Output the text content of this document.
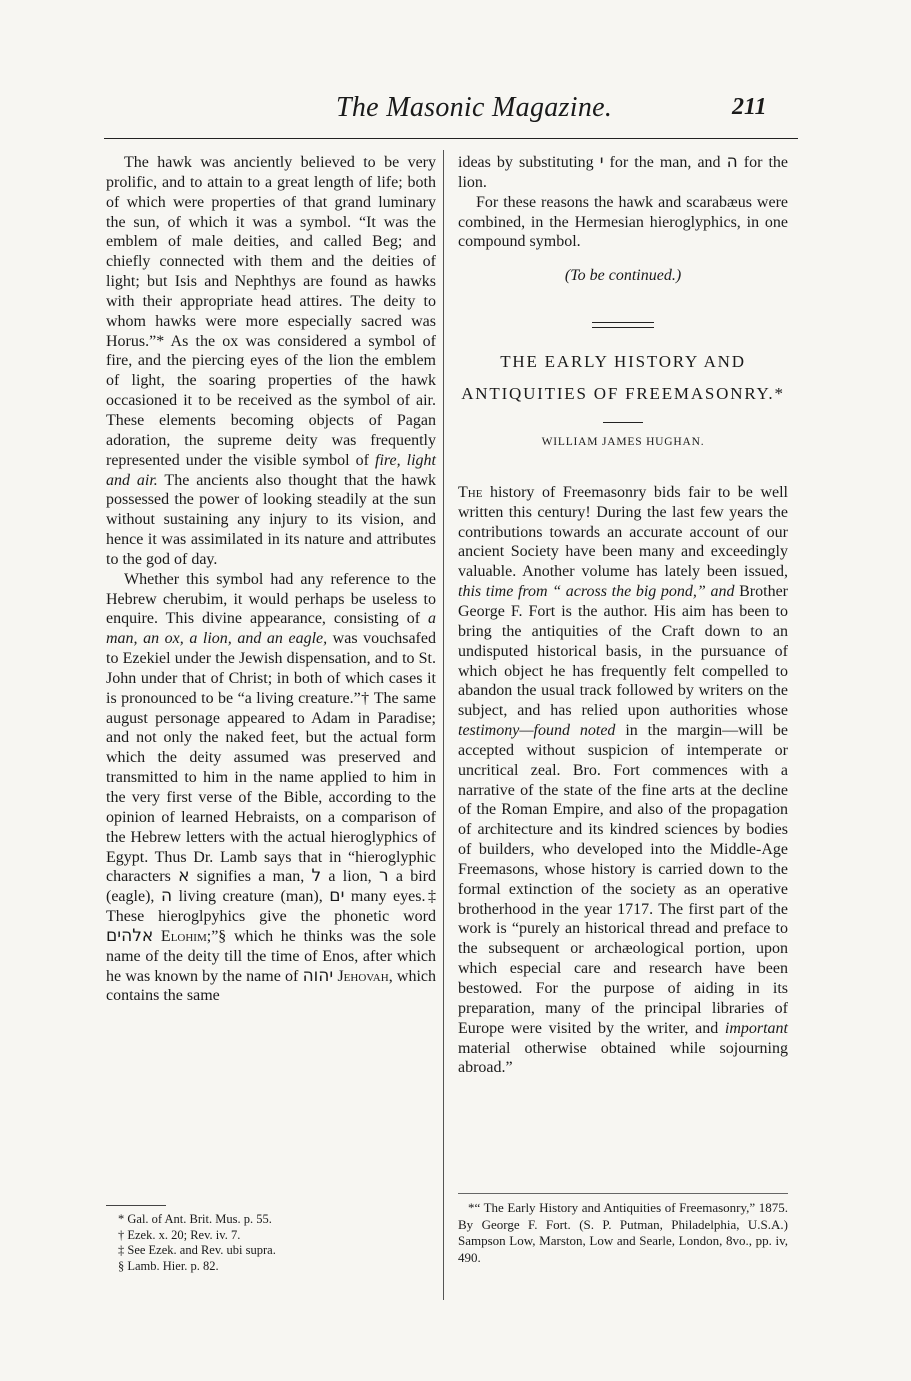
The Masonic Magazine.	211

The hawk was anciently believed to be very prolific, and to attain to a great length of life; both of which were properties of that grand luminary the sun, of which it was a symbol. “It was the emblem of male deities, and called Beg; and chiefly connected with them and the deities of light; but Isis and Nephthys are found as hawks with their appropriate head attires. The deity to whom hawks were more especially sacred was Horus.”* As the ox was considered a symbol of fire, and the piercing eyes of the lion the emblem of light, the soaring properties of the hawk occasioned it to be received as the symbol of air. These elements becoming objects of Pagan adoration, the supreme deity was frequently represented under the visible symbol of fire, light and air. The ancients also thought that the hawk possessed the power of looking steadily at the sun without sustaining any injury to its vision, and hence it was assimilated in its nature and attributes to the god of day.

Whether this symbol had any reference to the Hebrew cherubim, it would perhaps be useless to enquire. This divine appearance, consisting of a man, an ox, a lion, and an eagle, was vouchsafed to Ezekiel under the Jewish dispensation, and to St. John under that of Christ; in both of which cases it is pronounced to be “a living creature.”† The same august personage appeared to Adam in Paradise; and not only the naked feet, but the actual form which the deity assumed was preserved and transmitted to him in the name applied to him in the very first verse of the Bible, according to the opinion of learned Hebraists, on a comparison of the Hebrew letters with the actual hieroglyphics of Egypt. Thus Dr. Lamb says that in “hieroglyphic characters א signifies a man, ל a lion, ר a bird (eagle), ה living creature (man), ים many eyes.‡ These hieroglpyhics give the phonetic word אלהים Elohim;”§ which he thinks was the sole name of the deity till the time of Enos, after which he was known by the name of יהוה Jehovah, which contains the same

ideas by substituting י for the man, and ה for the lion.

For these reasons the hawk and scarabæus were combined, in the Hermesian hieroglyphics, in one compound symbol.

(To be continued.)

THE EARLY HISTORY AND
ANTIQUITIES OF FREEMASONRY.*

WILLIAM JAMES HUGHAN.

The history of Freemasonry bids fair to be well written this century! During the last few years the contributions towards an accurate account of our ancient Society have been many and exceedingly valuable. Another volume has lately been issued, this time from “ across the big pond,” and Brother George F. Fort is the author. His aim has been to bring the antiquities of the Craft down to an undisputed historical basis, in the pursuance of which object he has frequently felt compelled to abandon the usual track followed by writers on the subject, and has relied upon authorities whose testimony—found noted in the margin—will be accepted without suspicion of intemperate or uncritical zeal. Bro. Fort commences with a narrative of the state of the fine arts at the decline of the Roman Empire, and also of the propagation of architecture and its kindred sciences by bodies of builders, who developed into the Middle-Age Freemasons, whose history is carried down to the formal extinction of the society as an operative brotherhood in the year 1717. The first part of the work is “purely an historical thread and preface to the subsequent or archæological portion, upon which especial care and research have been bestowed. For the purpose of aiding in its preparation, many of the principal libraries of Europe were visited by the writer, and important material otherwise obtained while sojourning abroad.”

* Gal. of Ant. Brit. Mus. p. 55.
† Ezek. x. 20; Rev. iv. 7.
‡ See Ezek. and Rev. ubi supra.
§ Lamb. Hier. p. 82.

*“ The Early History and Antiquities of Freemasonry,” 1875. By George F. Fort. (S. P. Putman, Philadelphia, U.S.A.) Sampson Low, Marston, Low and Searle, London, 8vo., pp. iv, 490.
